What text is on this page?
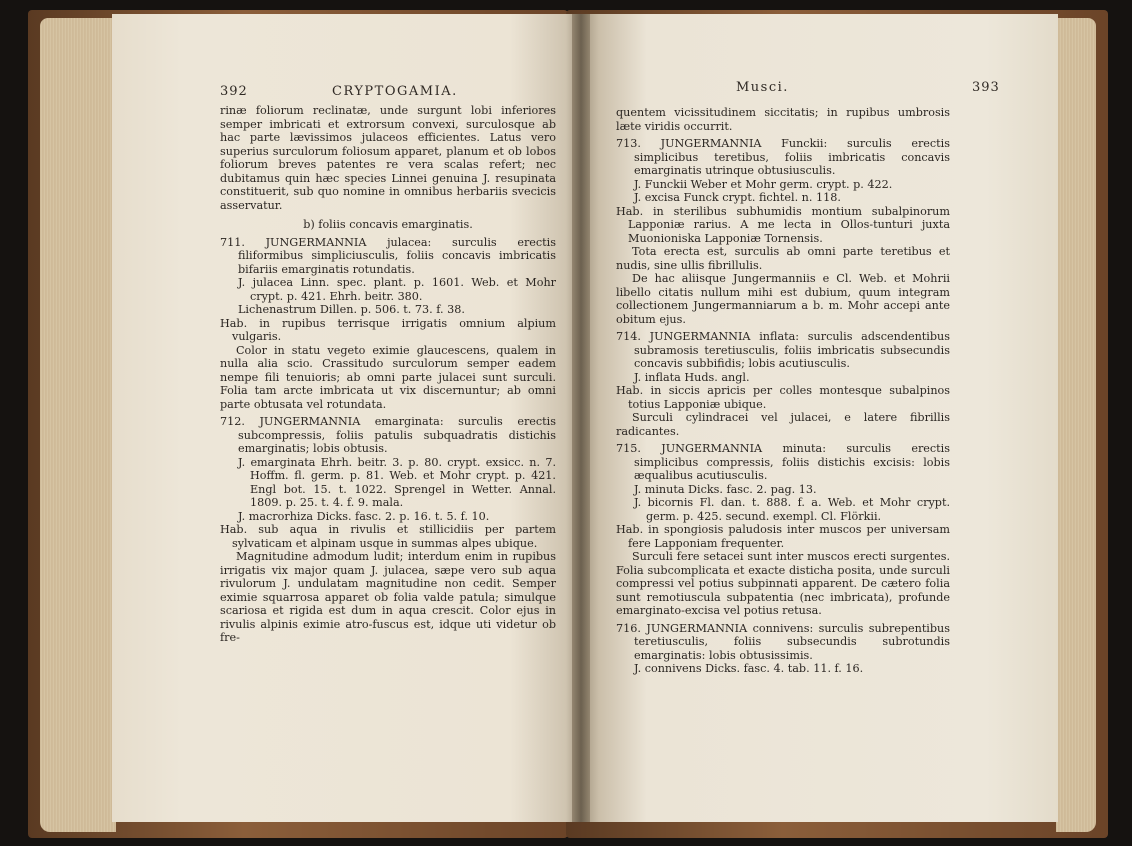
392	CRYPTOGAMIA.

rinæ foliorum reclinatæ, unde surgunt lobi inferiores semper imbricati et extrorsum convexi, surculosque ab hac parte lævissimos julaceos efficientes. Latus vero superius surculorum foliosum apparet, planum et ob lobos foliorum breves patentes re vera scalas refert; nec dubitamus quin hæc species Linnei genuina J. resupinata constituerit, sub quo nomine in omnibus herbariis svecicis asservatur.

b) foliis concavis emarginatis.

711. JUNGERMANNIA julacea: surculis erectis filiformibus simpliciusculis, foliis concavis imbricatis bifariis emarginatis rotundatis.

J. julacea Linn. spec. plant. p. 1601. Web. et Mohr crypt. p. 421. Ehrh. beitr. 380.

Lichenastrum Dillen. p. 506. t. 73. f. 38.

Hab. in rupibus terrisque irrigatis omnium alpium vulgaris.

Color in statu vegeto eximie glaucescens, qualem in nulla alia scio. Crassitudo surculorum semper eadem nempe fili tenuioris; ab omni parte julacei sunt surculi. Folia tam arcte imbricata ut vix discernuntur; ab omni parte obtusata vel rotundata.

712. JUNGERMANNIA emarginata: surculis erectis subcompressis, foliis patulis subquadratis distichis emarginatis; lobis obtusis.

J. emarginata Ehrh. beitr. 3. p. 80. crypt. exsicc. n. 7. Hoffm. fl. germ. p. 81. Web. et Mohr crypt. p. 421. Engl bot. 15. t. 1022. Sprengel in Wetter. Annal. 1809. p. 25. t. 4. f. 9. mala.

J. macrorhiza Dicks. fasc. 2. p. 16. t. 5. f. 10.

Hab. sub aqua in rivulis et stillicidiis per partem sylvaticam et alpinam usque in summas alpes ubique.

Magnitudine admodum ludit; interdum enim in rupibus irrigatis vix major quam J. julacea, sæpe vero sub aqua rivulorum J. undulatam magnitudine non cedit. Semper eximie squarrosa apparet ob folia valde patula; simulque scariosa et rigida est dum in aqua crescit. Color ejus in rivulis alpinis eximie atro-fuscus est, idque uti videtur ob fre-

Musci.	393

quentem vicissitudinem siccitatis; in rupibus umbrosis læte viridis occurrit.

713. JUNGERMANNIA Funckii: surculis erectis simplicibus teretibus, foliis imbricatis concavis emarginatis utrinque obtusiusculis.

J. Funckii Weber et Mohr germ. crypt. p. 422.

J. excisa Funck crypt. fichtel. n. 118.

Hab. in sterilibus subhumidis montium subalpinorum Lapponiæ rarius. A me lecta in Ollos-tunturi juxta Muonioniska Lapponiæ Tornensis.

Tota erecta est, surculis ab omni parte teretibus et nudis, sine ullis fibrillulis.

De hac aliisque Jungermanniis e Cl. Web. et Mohrii libello citatis nullum mihi est dubium, quum integram collectionem Jungermanniarum a b. m. Mohr accepi ante obitum ejus.

714. JUNGERMANNIA inflata: surculis adscendentibus subramosis teretiusculis, foliis imbricatis subsecundis concavis subbifidis; lobis acutiusculis.

J. inflata Huds. angl.

Hab. in siccis apricis per colles montesque subalpinos totius Lapponiæ ubique.

Surculi cylindracei vel julacei, e latere fibrillis radicantes.

715. JUNGERMANNIA minuta: surculis erectis simplicibus compressis, foliis distichis excisis: lobis æqualibus acutiusculis.

J. minuta Dicks. fasc. 2. pag. 13.

J. bicornis Fl. dan. t. 888. f. a. Web. et Mohr crypt. germ. p. 425. secund. exempl. Cl. Flörkii.

Hab. in spongiosis paludosis inter muscos per universam fere Lapponiam frequenter.

Surculi fere setacei sunt inter muscos erecti surgentes. Folia subcomplicata et exacte disticha posita, unde surculi compressi vel potius subpinnati apparent. De cætero folia sunt remotiuscula subpatentia (nec imbricata), profunde emarginato-excisa vel potius retusa.

716. JUNGERMANNIA connivens: surculis subrepentibus teretiusculis, foliis subsecundis subrotundis emarginatis: lobis obtusissimis.

J. connivens Dicks. fasc. 4. tab. 11. f. 16.
